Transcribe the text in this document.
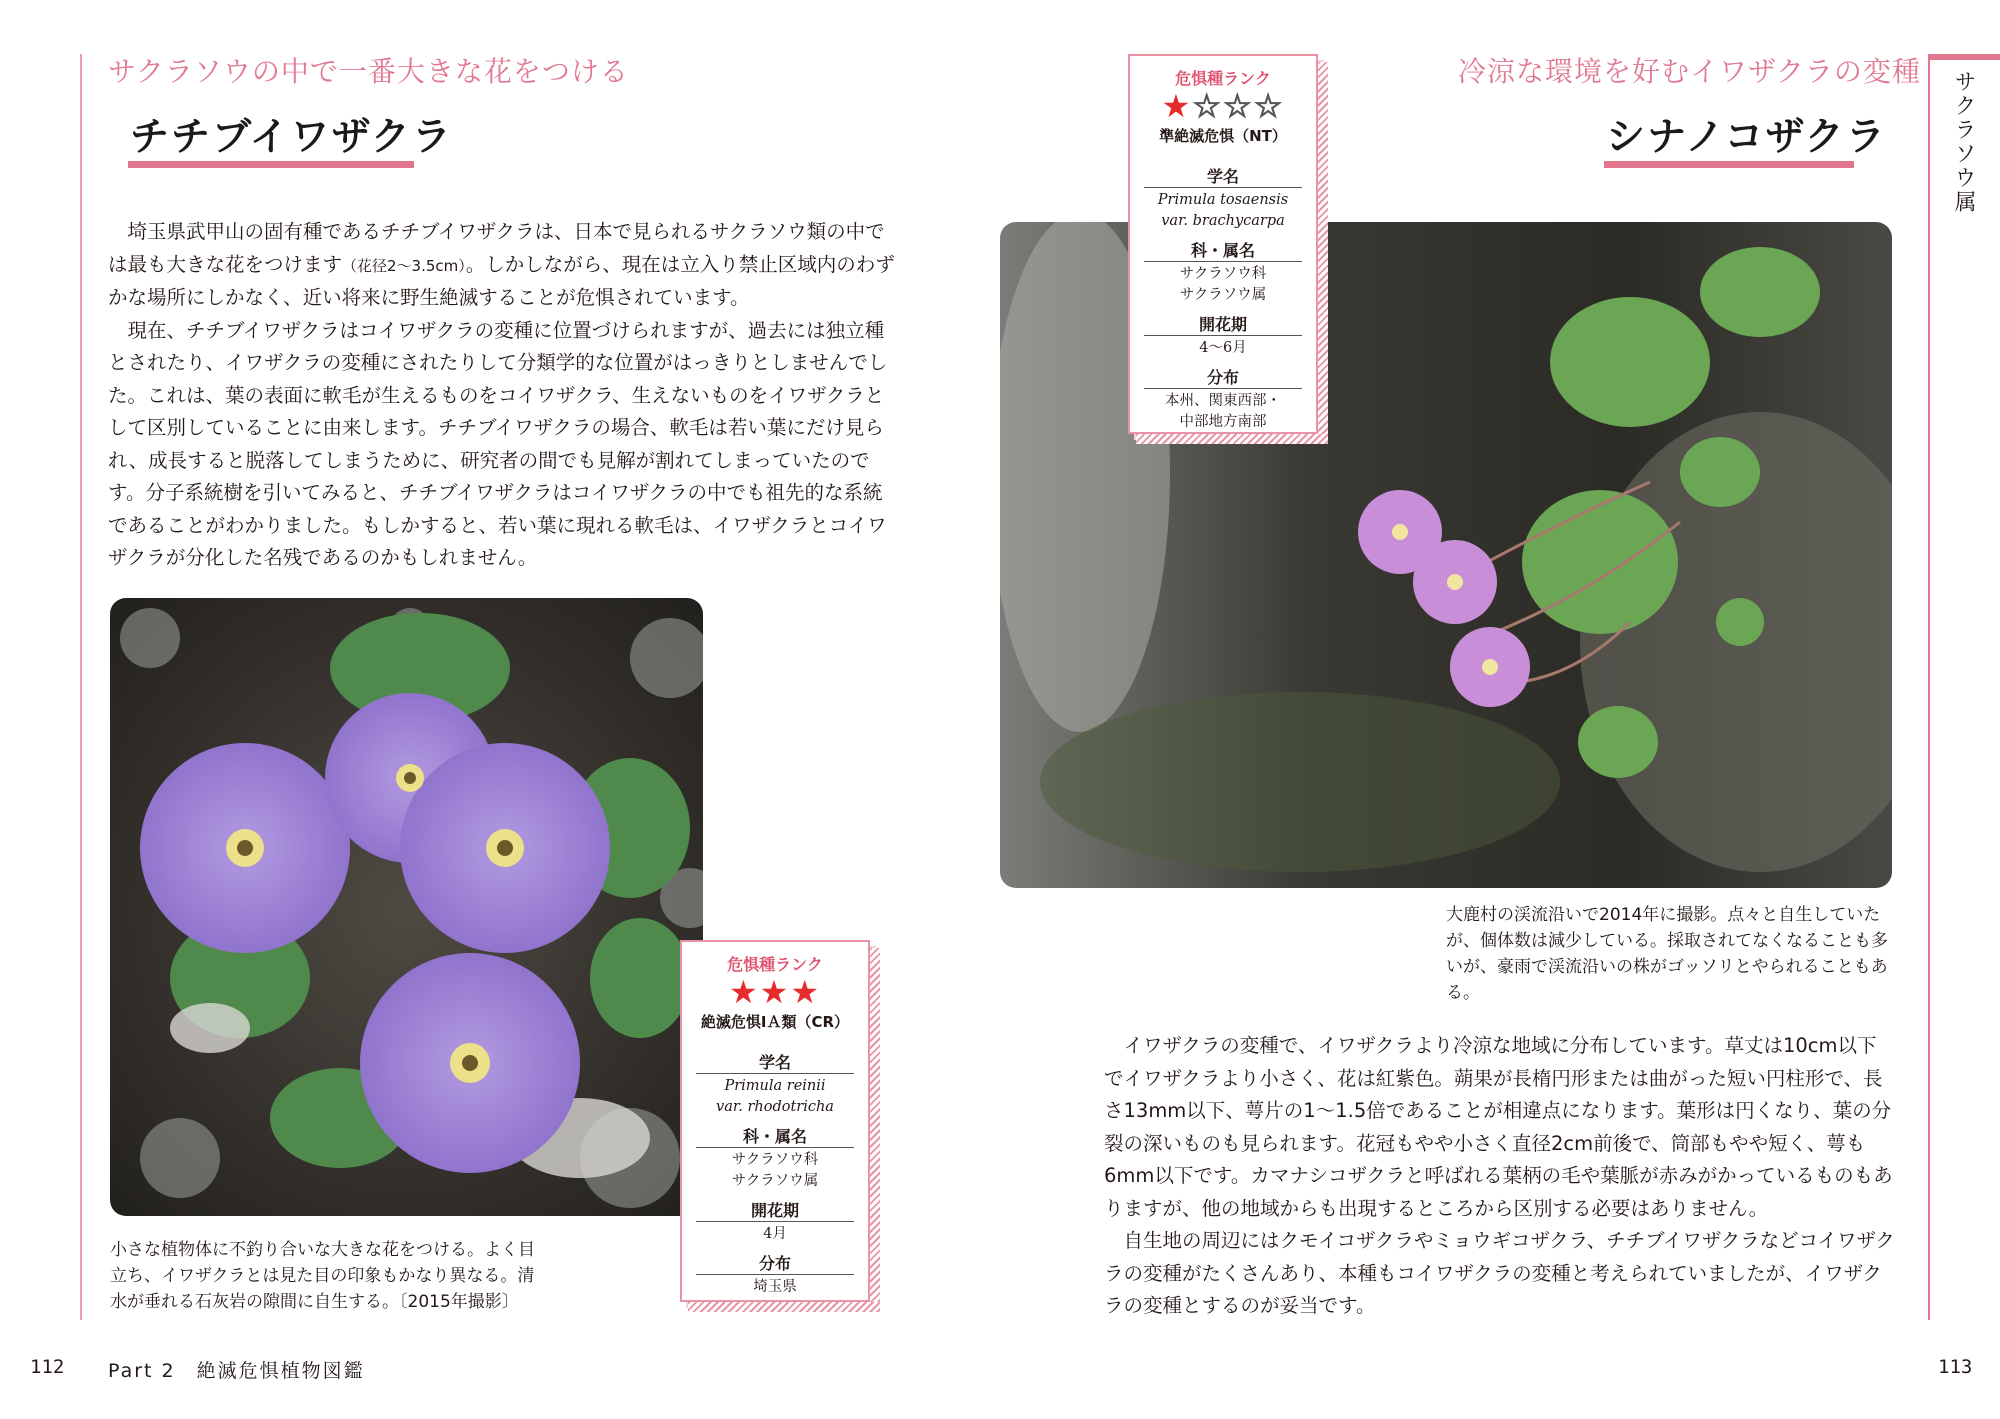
サクラソウの中で一番大きな花をつける
チチブイワザクラ

埼玉県武甲山の固有種であるチチブイワザクラは、日本で見られるサクラソウ類の中では最も大きな花をつけます（花径2〜3.5cm）。しかしながら、現在は立入り禁止区域内のわずかな場所にしかなく、近い将来に野生絶滅することが危惧されています。

現在、チチブイワザクラはコイワザクラの変種に位置づけられますが、過去には独立種とされたり、イワザクラの変種にされたりして分類学的な位置がはっきりとしませんでした。これは、葉の表面に軟毛が生えるものをコイワザクラ、生えないものをイワザクラとして区別していることに由来します。チチブイワザクラの場合、軟毛は若い葉にだけ見られ、成長すると脱落してしまうために、研究者の間でも見解が割れてしまっていたのです。分子系統樹を引いてみると、チチブイワザクラはコイワザクラの中でも祖先的な系統であることがわかりました。もしかすると、若い葉に現れる軟毛は、イワザクラとコイワザクラが分化した名残であるのかもしれません。

小さな植物体に不釣り合いな大きな花をつける。よく目立ち、イワザクラとは見た目の印象もかなり異なる。清水が垂れる石灰岩の隙間に自生する。〔2015年撮影〕
危惧種ランク
★★★
絶滅危惧ⅠＡ類（CR）
学名
Primula reinii
var. rhodotricha
科・属名
サクラソウ科
サクラソウ属
開花期
4月
分布
埼玉県

112 Part 2　絶滅危惧植物図鑑
冷涼な環境を好むイワザクラの変種
シナノコザクラ
大鹿村の渓流沿いで2014年に撮影。点々と自生していたが、個体数は減少している。採取されてなくなることも多いが、豪雨で渓流沿いの株がゴッソリとやられることもある。
危惧種ランク
★☆☆☆
準絶滅危惧（NT）
学名
Primula tosaensis
var. brachycarpa
科・属名
サクラソウ科
サクラソウ属
開花期
4〜6月
分布
本州、関東西部・
中部地方南部

イワザクラの変種で、イワザクラより冷涼な地域に分布しています。草丈は10cm以下でイワザクラより小さく、花は紅紫色。蒴果が長楕円形または曲がった短い円柱形で、長さ13mm以下、萼片の1〜1.5倍であることが相違点になります。葉形は円くなり、葉の分裂の深いものも見られます。花冠もやや小さく直径2cm前後で、筒部もやや短く、萼も6mm以下です。カマナシコザクラと呼ばれる葉柄の毛や葉脈が赤みがかっているものもありますが、他の地域からも出現するところから区別する必要はありません。

自生地の周辺にはクモイコザクラやミョウギコザクラ、チチブイワザクラなどコイワザクラの変種がたくさんあり、本種もコイワザクラの変種と考えられていましたが、イワザクラの変種とするのが妥当です。

サクラソウ属
113
